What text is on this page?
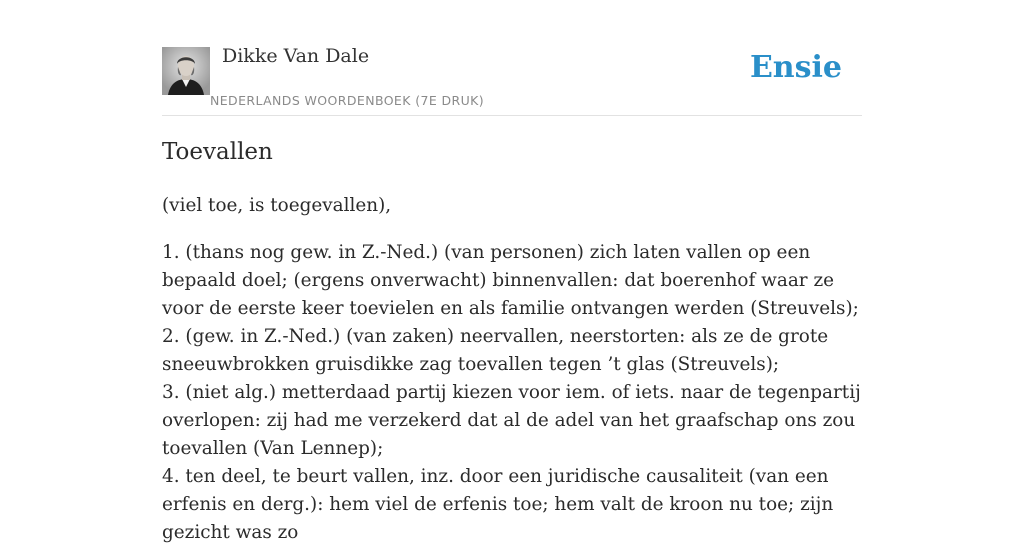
Dikke Van Dale
NEDERLANDS WOORDENBOEK (7E DRUK)
Ensie
Toevallen

(viel toe, is toegevallen),

1. (thans nog gew. in Z.-Ned.) (van personen) zich laten vallen op een bepaald doel; (ergens onverwacht) binnenvallen: dat boerenhof waar ze voor de eerste keer toevielen en als familie ontvangen werden (Streuvels);

2. (gew. in Z.-Ned.) (van zaken) neervallen, neerstorten: als ze de grote sneeuwbrokken gruisdikke zag toevallen tegen ’t glas (Streuvels);

3. (niet alg.) metterdaad partij kiezen voor iem. of iets. naar de tegenpartij overlopen: zij had me verzekerd dat al de adel van het graafschap ons zou toevallen (Van Lennep);

4. ten deel, te beurt vallen, inz. door een juridische causaliteit (van een erfenis en derg.): hem viel de erfenis toe; hem valt de kroon nu toe; zijn gezicht was zo
